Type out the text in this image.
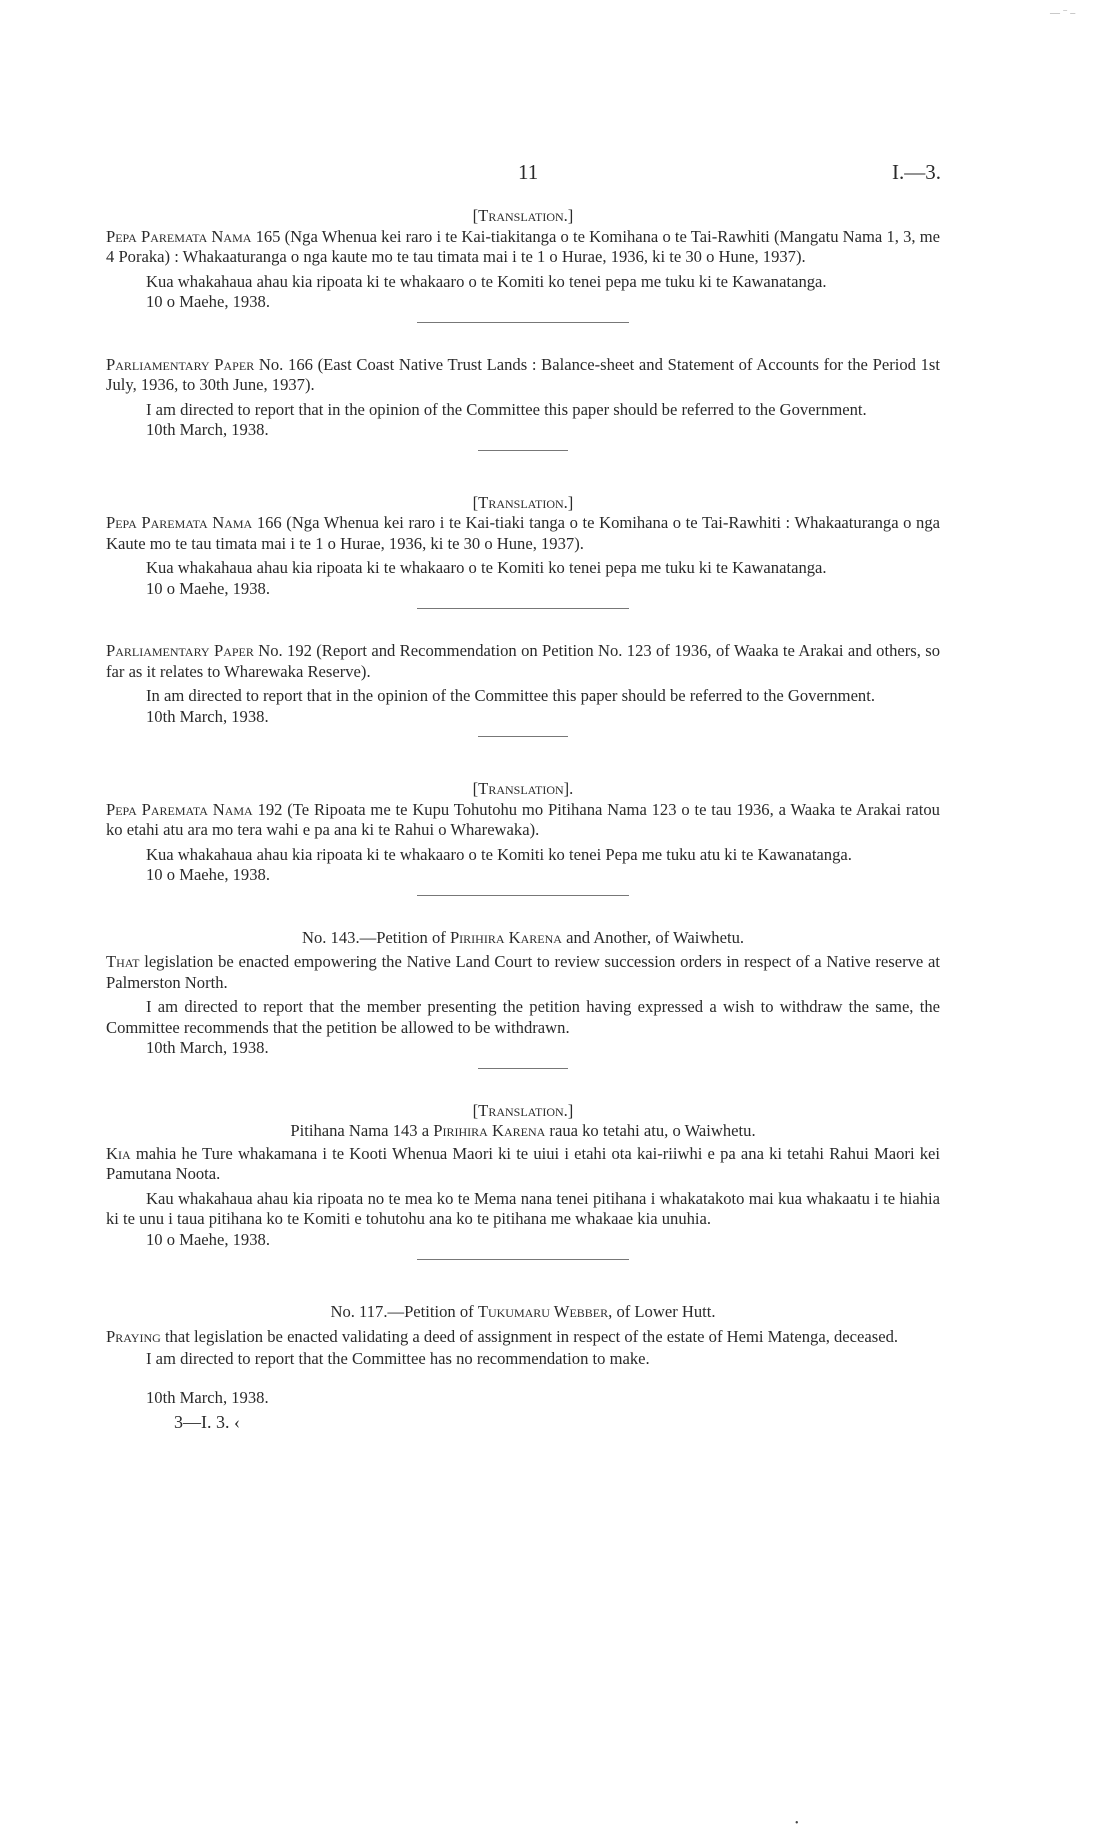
11	I.—3.
— ⁻ ‒

[Translation.]

Pepa Paremata Nama 165 (Nga Whenua kei raro i te Kai-tiakitanga o te Komihana o te Tai-Rawhiti (Mangatu Nama 1, 3, me 4 Poraka) : Whakaaturanga o nga kaute mo te tau timata mai i te 1 o Hurae, 1936, ki te 30 o Hune, 1937).

Kua whakahaua ahau kia ripoata ki te whakaaro o te Komiti ko tenei pepa me tuku ki te Kawanatanga.

10 o Maehe, 1938.

Parliamentary Paper No. 166 (East Coast Native Trust Lands : Balance-sheet and Statement of Accounts for the Period 1st July, 1936, to 30th June, 1937).

I am directed to report that in the opinion of the Committee this paper should be referred to the Government.

10th March, 1938.

[Translation.]

Pepa Paremata Nama 166 (Nga Whenua kei raro i te Kai-tiaki tanga o te Komihana o te Tai-Rawhiti : Whakaaturanga o nga Kaute mo te tau timata mai i te 1 o Hurae, 1936, ki te 30 o Hune, 1937).

Kua whakahaua ahau kia ripoata ki te whakaaro o te Komiti ko tenei pepa me tuku ki te Kawanatanga.

10 o Maehe, 1938.

Parliamentary Paper No. 192 (Report and Recommendation on Petition No. 123 of 1936, of Waaka te Arakai and others, so far as it relates to Wharewaka Reserve).

In am directed to report that in the opinion of the Committee this paper should be referred to the Government.

10th March, 1938.

[Translation].

Pepa Paremata Nama 192 (Te Ripoata me te Kupu Tohutohu mo Pitihana Nama 123 o te tau 1936, a Waaka te Arakai ratou ko etahi atu ara mo tera wahi e pa ana ki te Rahui o Wharewaka).

Kua whakahaua ahau kia ripoata ki te whakaaro o te Komiti ko tenei Pepa me tuku atu ki te Kawanatanga.

10 o Maehe, 1938.

No. 143.—Petition of Pirihira Karena and Another, of Waiwhetu.

That legislation be enacted empowering the Native Land Court to review succession orders in respect of a Native reserve at Palmerston North.

I am directed to report that the member presenting the petition having expressed a wish to withdraw the same, the Committee recommends that the petition be allowed to be withdrawn.

10th March, 1938.

[Translation.]

Pitihana Nama 143 a Pirihira Karena raua ko tetahi atu, o Waiwhetu.

Kia mahia he Ture whakamana i te Kooti Whenua Maori ki te uiui i etahi ota kai-riiwhi e pa ana ki tetahi Rahui Maori kei Pamutana Noota.

Kau whakahaua ahau kia ripoata no te mea ko te Mema nana tenei pitihana i whakatakoto mai kua whakaatu i te hiahia ki te unu i taua pitihana ko te Komiti e tohutohu ana ko te pitihana me whakaae kia unuhia.

10 o Maehe, 1938.

No. 117.—Petition of Tukumaru Webber, of Lower Hutt.

Praying that legislation be enacted validating a deed of assignment in respect of the estate of Hemi Matenga, deceased.

I am directed to report that the Committee has no recommendation to make.

10th March, 1938.

3—I. 3. ‹

•
